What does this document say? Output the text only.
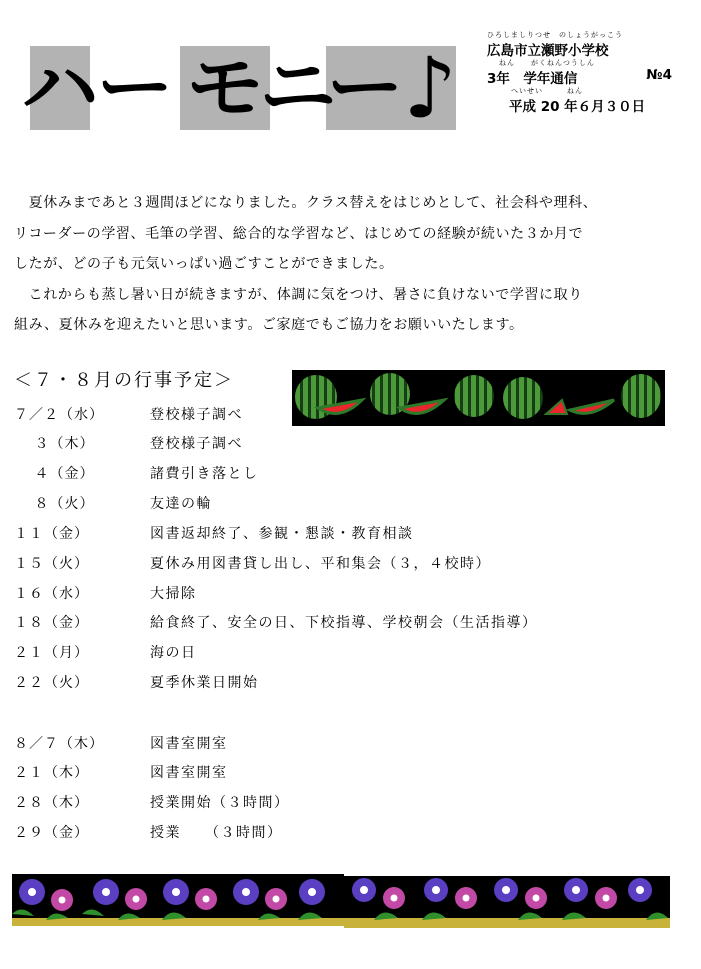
ハ
ー モ
ニ
ー ♪
ひろしましりつせ　のしょうがっこう
広島市立瀬野小学校
ねん　　がくねんつうしん
3年　学年通信	№4
へいせい　　　ねん
平成 20 年６月３０日

　夏休みまであと３週間ほどになりました。クラス替えをはじめとして、社会科や理科、

リコーダーの学習、毛筆の学習、総合的な学習など、はじめての経験が続いた３か月で

したが、どの子も元気いっぱい過ごすことができました。

　これからも蒸し暑い日が続きますが、体調に気をつけ、暑さに負けないで学習に取り

組み、夏休みを迎えたいと思います。ご家庭でもご協力をお願いいたします。

＜７・８月の行事予定＞
７／２（水）	登校様子調べ
　 ３（木）	登校様子調べ
　 ４（金）	諸費引き落とし
　 ８（火）	友達の輪
１１（金）	図書返却終了、参観・懇談・教育相談
１５（火）	夏休み用図書貸し出し、平和集会（３，４校時）
１６（水）	大掃除
１８（金）	給食終了、安全の日、下校指導、学校朝会（生活指導）
２１（月）	海の日
２２（火）	夏季休業日開始
８／７（木）	図書室開室
２１（木）	図書室開室
２８（木）	授業開始（３時間）
２９（金）	授業　　（３時間）
